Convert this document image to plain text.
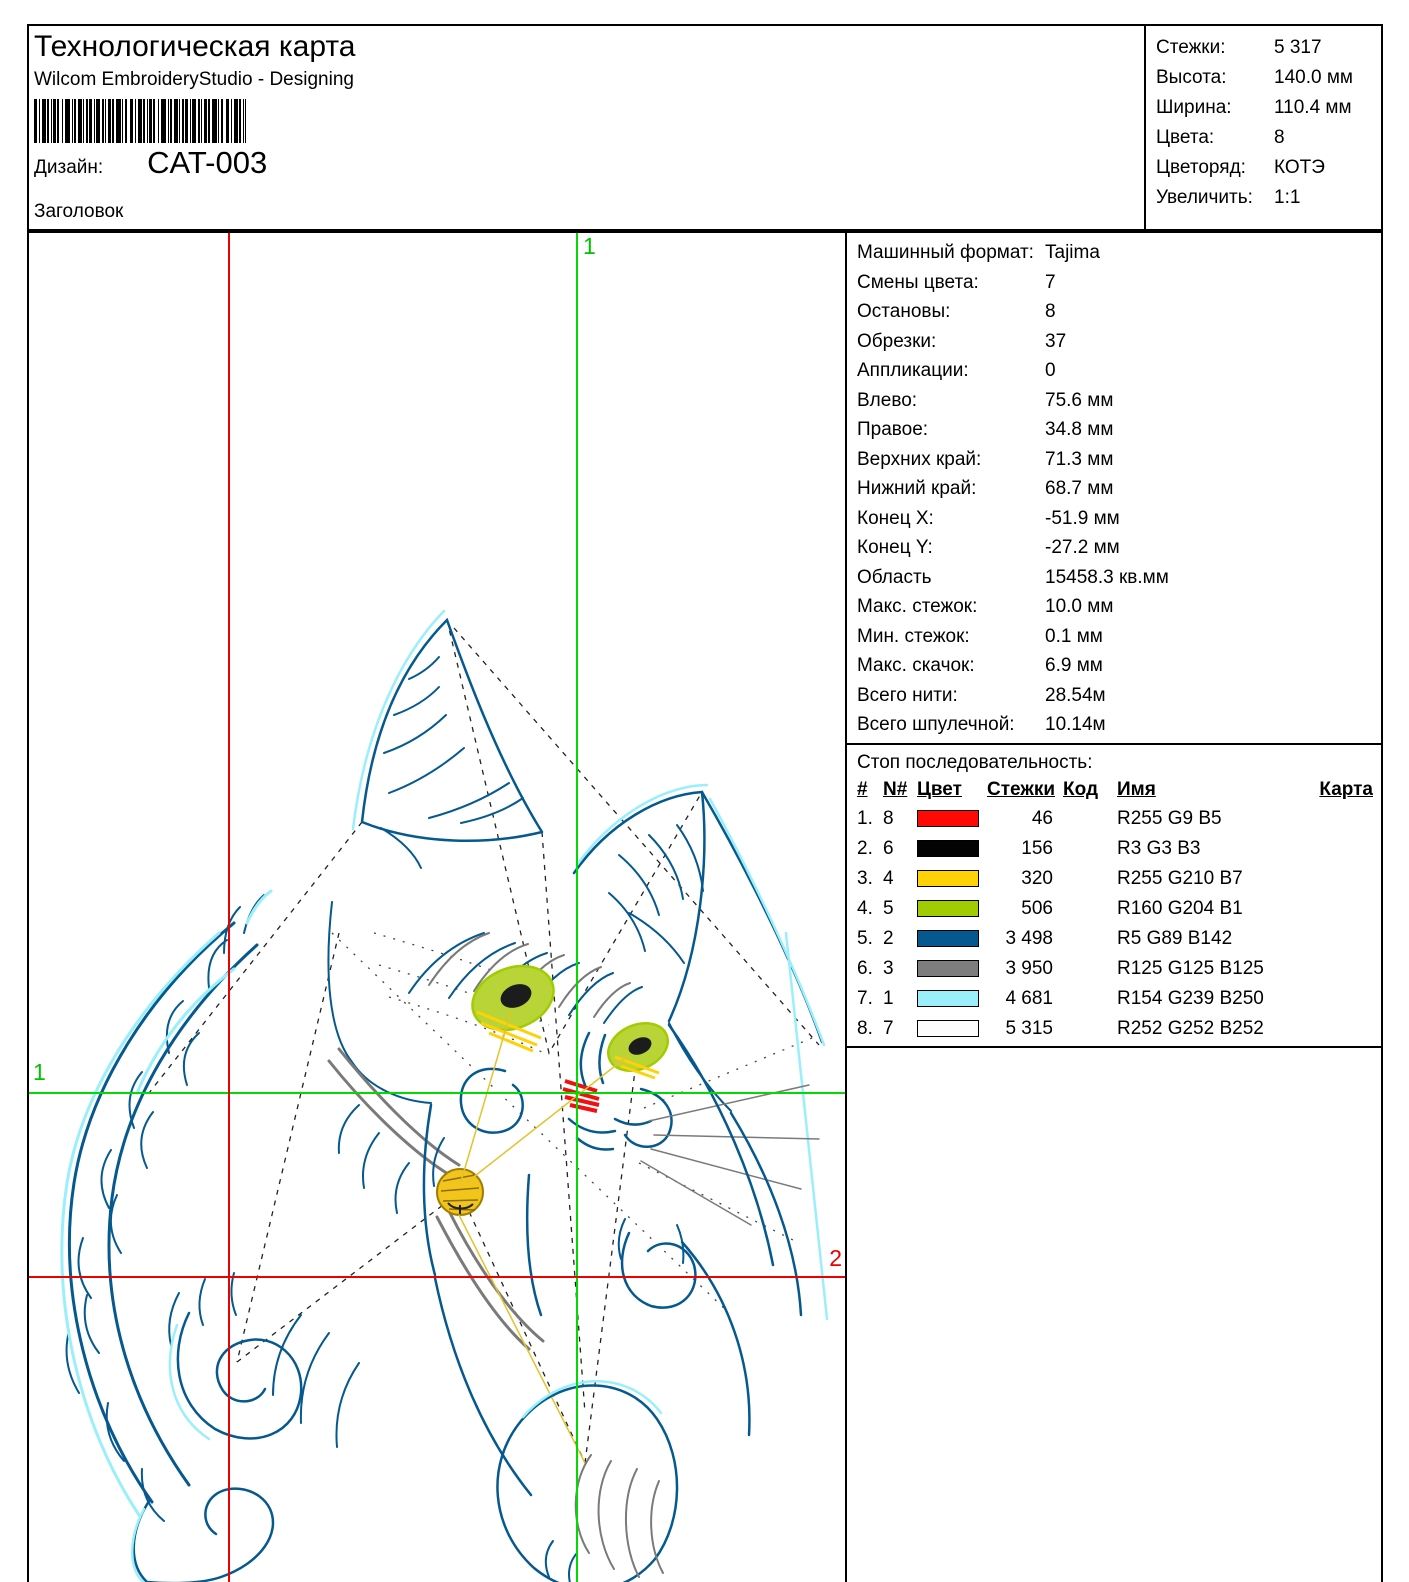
Технологическая карта
Wilcom EmbroideryStudio - Designing
Дизайн: CAT-003
Заголовок
Стежки:	5 317
Высота:	140.0 мм
Ширина:	110.4 мм
Цвета:	8
Цветоряд:	КОТЭ
Увеличить:	1:1
1
1
2
Машинный формат: Tajima
Смены цвета:	7
Остановы:	8
Обрезки:	37
Аппликации:	0
Влево:	75.6 мм
Правое:	34.8 мм
Верхних край:	71.3 мм
Нижний край:	68.7 мм
Конец X:	-51.9 мм
Конец Y:	-27.2 мм
Область	15458.3 кв.мм
Макс. стежок:	10.0 мм
Мин. стежок:	0.1 мм
Макс. скачок:	6.9 мм
Всего нити:	28.54м
Всего шпулечной:	10.14м
Стоп последовательность:
# N# Цвет	Стежки Код Имя	Карта
1. 8	46	R255 G9 B5
2. 6	156	R3 G3 B3
3. 4	320	R255 G210 B7
4. 5	506	R160 G204 B1
5. 2	3 498	R5 G89 B142
6. 3	3 950	R125 G125 B125
7. 1	4 681	R154 G239 B250
8. 7	5 315	R252 G252 B252
